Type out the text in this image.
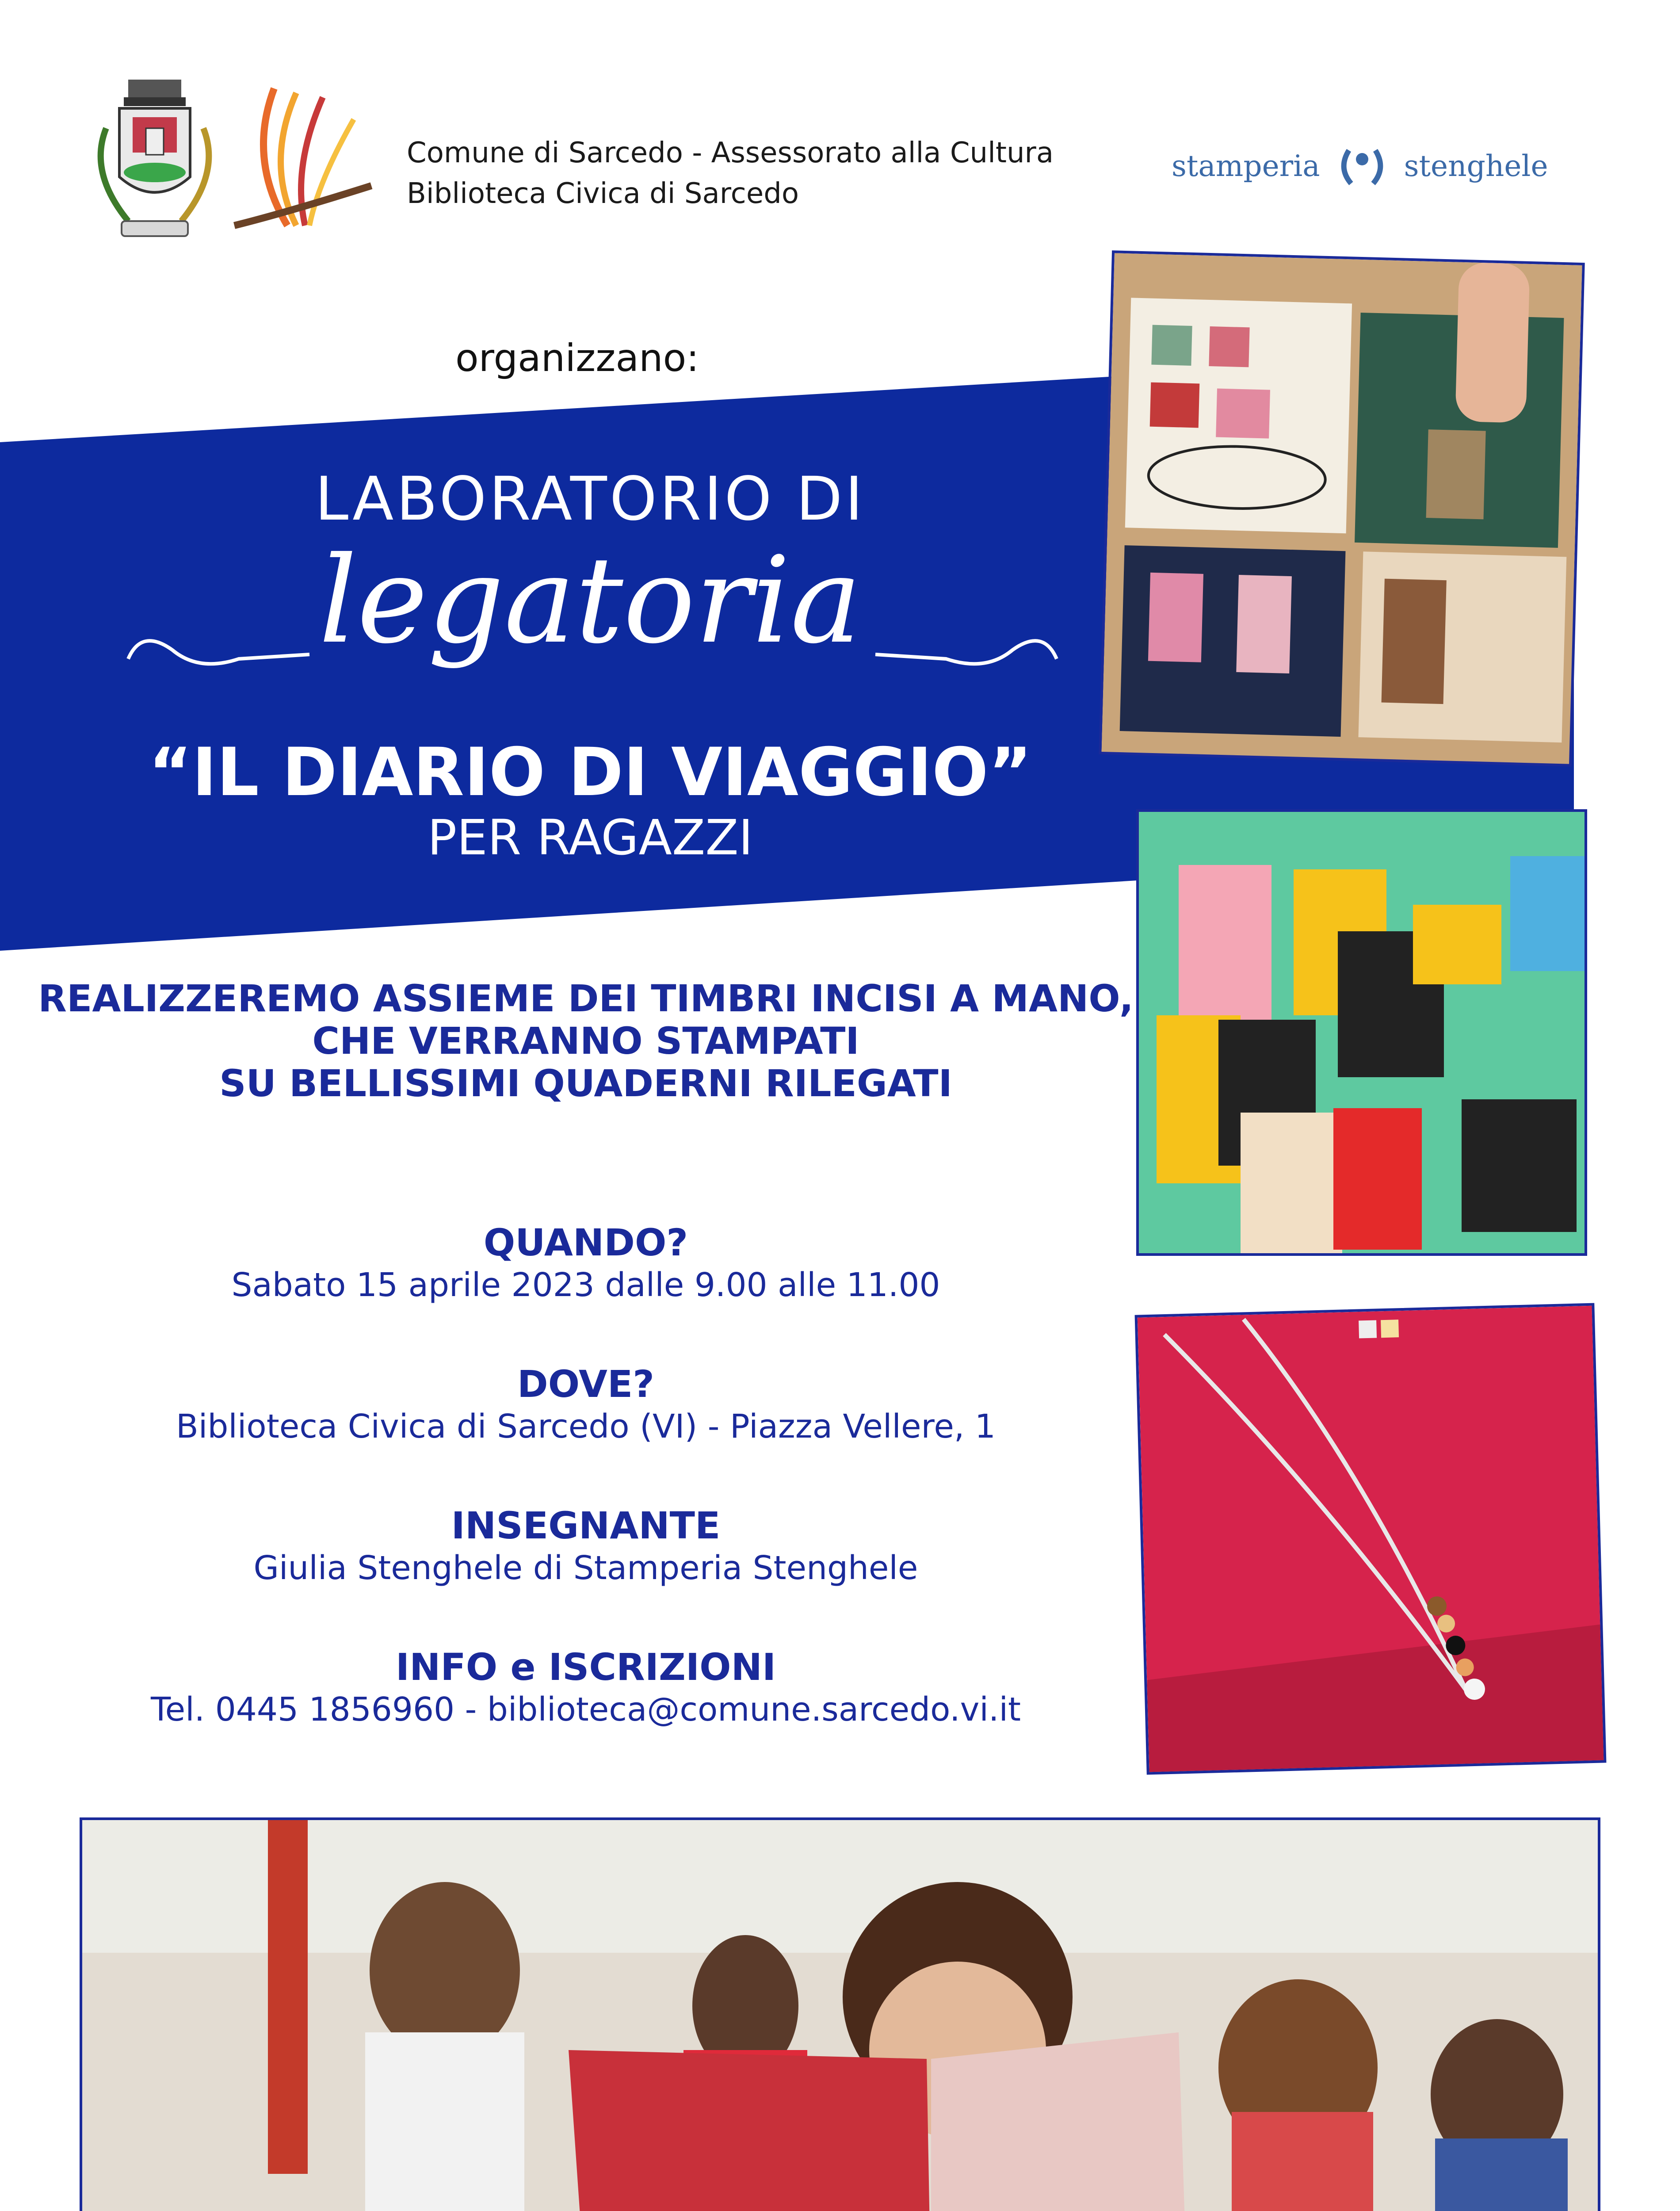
Comune di Sarcedo - Assessorato alla Cultura
Biblioteca Civica di Sarcedo
stamperia	stenghele
organizzano:
LABORATORIO DI
legatoria
“IL DIARIO DI VIAGGIO”
PER RAGAZZI
REALIZZEREMO ASSIEME DEI TIMBRI INCISI A MANO,
CHE VERRANNO STAMPATI
SU BELLISSIMI QUADERNI RILEGATI
QUANDO?
Sabato 15 aprile 2023 dalle 9.00 alle 11.00
DOVE?
Biblioteca Civica di Sarcedo (VI) - Piazza Vellere, 1
INSEGNANTE
Giulia Stenghele di Stamperia Stenghele
INFO e ISCRIZIONI
Tel. 0445 1856960 - biblioteca@comune.sarcedo.vi.it
